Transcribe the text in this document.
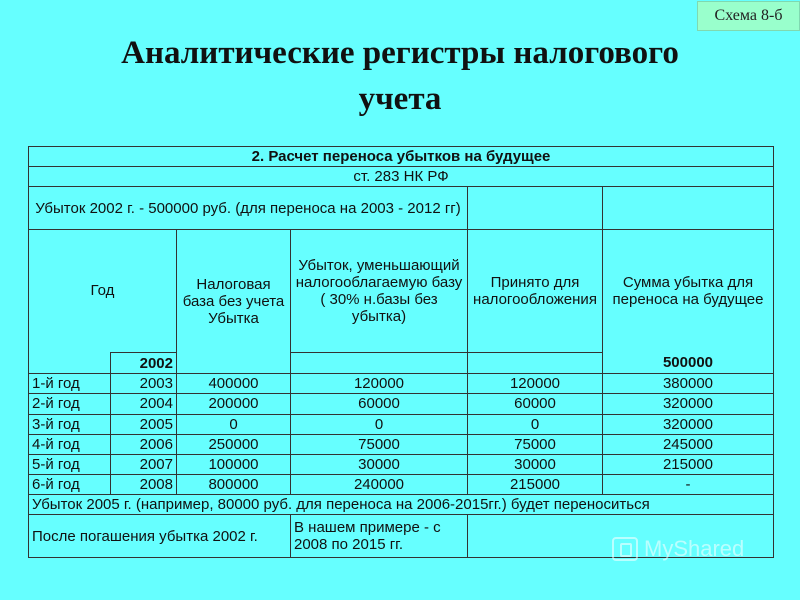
Схема 8-б
Аналитические регистры налогового
учета
2. Расчет переноса убытков на будущее					
ст. 283 НК РФ					
Убыток 2002 г. - 500000 руб. (для переноса на 2003 - 2012 гг)					
Год		Налоговая база без учета Убытка	Убыток, уменьшающий налогооблагаемую базу ( 30% н.базы без убытка)	Принято для налогообложения	Сумма убытка для переноса на будущее
	2002				500000
1-й год	2003	400000	120000	120000	380000
2-й год	2004	200000	60000	60000	320000
3-й год	2005	0	0	0	320000
4-й год	2006	250000	75000	75000	245000
5-й год	2007	100000	30000	30000	215000
6-й год	2008	800000	240000	215000	-
Убыток 2005 г. (например, 80000 руб. для переноса на 2006-2015гг.) будет переноситься					
После погашения убытка 2002 г.			В нашем примере - с 2008 по 2015 гг.			MyShared
